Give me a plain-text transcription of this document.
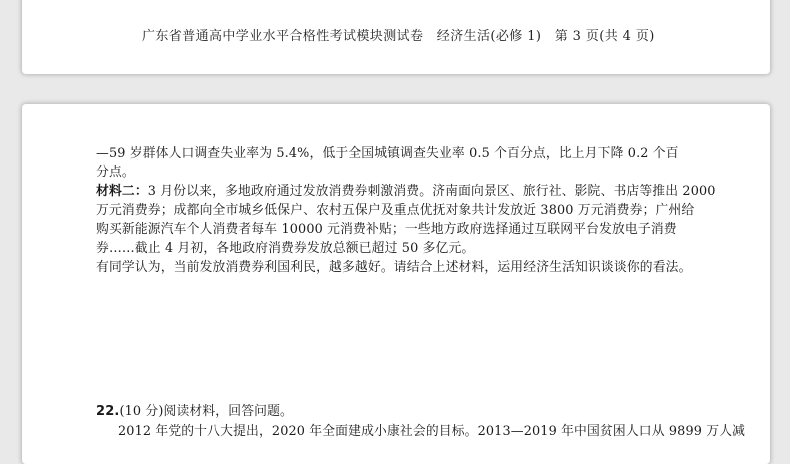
广东省普通高中学业水平合格性考试模块测试卷　经济生活(必修 1)　第 3 页(共 4 页)

—59 岁群体人口调查失业率为 5.4%，低于全国城镇调查失业率 0.5 个百分点，比上月下降 0.2 个百

分点。

材料二：3 月份以来，多地政府通过发放消费券刺激消费。济南面向景区、旅行社、影院、书店等推出 2000

万元消费券；成都向全市城乡低保户、农村五保户及重点优抚对象共计发放近 3800 万元消费券；广州给

购买新能源汽车个人消费者每车 10000 元消费补贴；一些地方政府选择通过互联网平台发放电子消费

券……截止 4 月初，各地政府消费券发放总额已超过 50 多亿元。

有同学认为，当前发放消费券利国利民，越多越好。请结合上述材料，运用经济生活知识谈谈你的看法。

22.(10 分)阅读材料，回答问题。

2012 年党的十八大提出，2020 年全面建成小康社会的目标。2013—2019 年中国贫困人口从 9899 万人减
